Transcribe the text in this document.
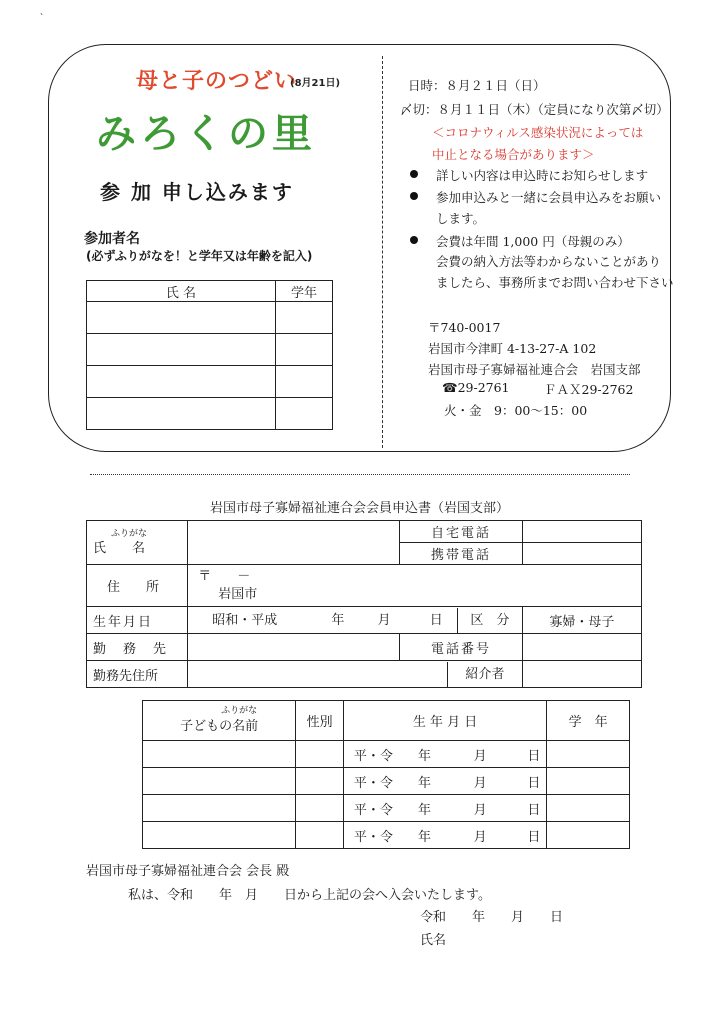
、
母と子のつどい
(8月21日)
みろくの里
参 加 申し込みます
参加者名
(必ずふりがなを！と学年又は年齢を記入)
氏 名	学年

日時：８月２１日（日）
〆切：８月１１日（木）（定員になり次第〆切）
＜コロナウィルス感染状況によっては
中止となる場合があります＞
詳しい内容は申込時にお知らせします
参加申込みと一緒に会員申込みをお願い
します。
会費は年間 1,000 円（母親のみ）
会費の納入方法等わからないことがあり
ましたら、事務所までお問い合わせ下さい
〒740-0017
岩国市今津町 4-13-27-A 102
岩国市母子寡婦福祉連合会　岩国支部
☎29-2761	ＦＡＸ29-2762
火・金　9：00～15：00
岩国市母子寡婦福祉連合会会員申込書（岩国支部）
ふりがな
氏　　名		自宅電話	
		携帯電話	
住　　所	〒　　－
岩国市		

生年月日	昭和・平成 年 月 日 区　分		寡婦・母子
勤　務　先		電話番号	
勤務先住所	紹介者		
ふりがな
子どもの名前	性別	生 年 月 日	学　年
		平・令 年 月 日	
		平・令 年 月 日	
		平・令 年 月 日	
		平・令 年 月 日	
岩国市母子寡婦福祉連合会 会長 殿
私は、令和　　年　月　　日から上記の会へ入会いたします。
令和　　年　　月　　日
氏名
